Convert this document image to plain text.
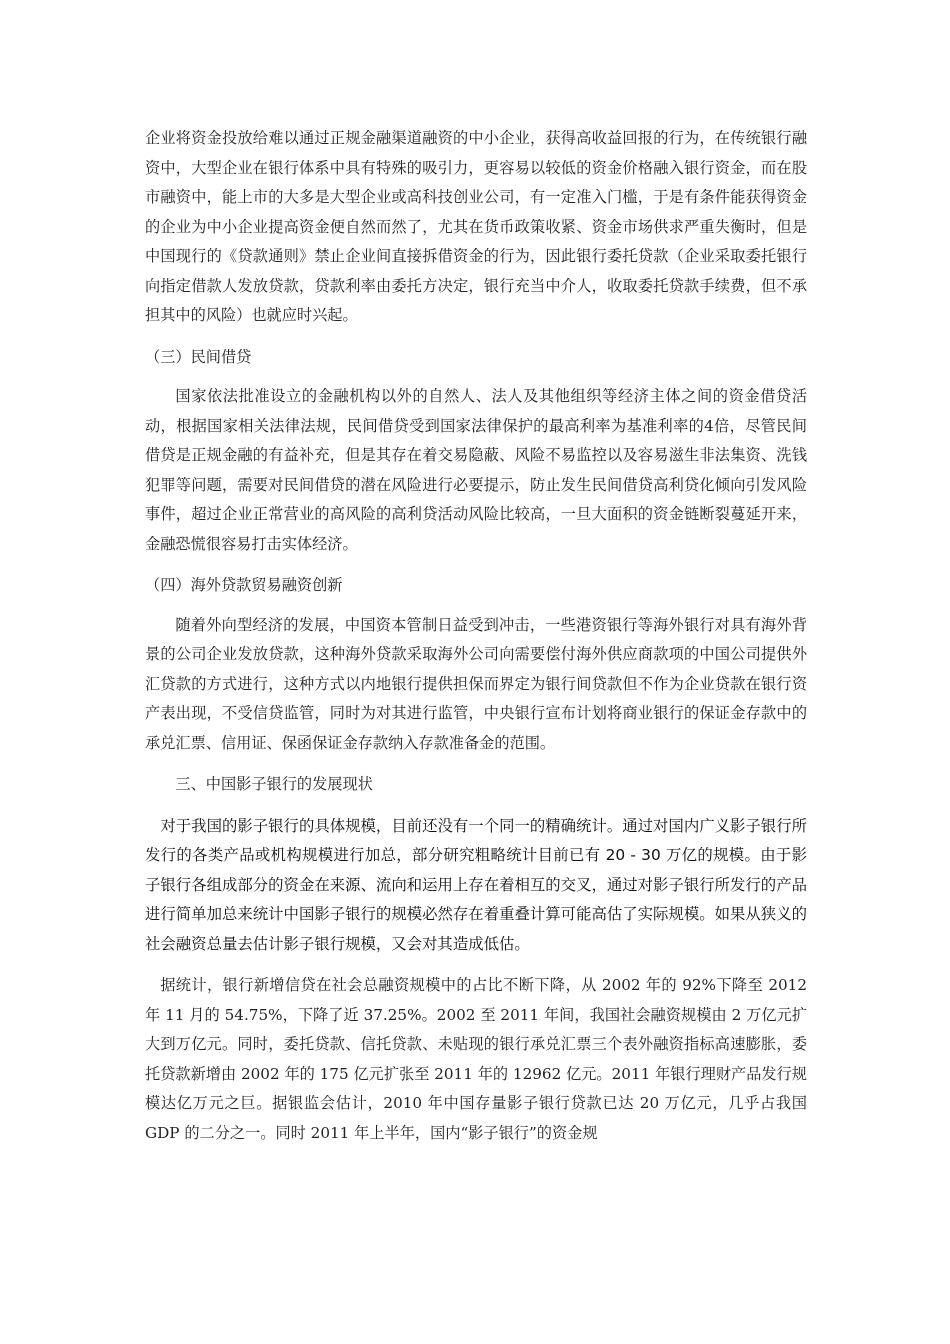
企业将资金投放给难以通过正规金融渠道融资的中小企业，获得高收益回报的行为，在传统银行融资中，大型企业在银行体系中具有特殊的吸引力，更容易以较低的资金价格融入银行资金，而在股市融资中，能上市的大多是大型企业或高科技创业公司，有一定准入门槛，于是有条件能获得资金的企业为中小企业提高资金便自然而然了，尤其在货币政策收紧、资金市场供求严重失衡时，但是中国现行的《贷款通则》禁止企业间直接拆借资金的行为，因此银行委托贷款（企业采取委托银行向指定借款人发放贷款，贷款利率由委托方决定，银行充当中介人，收取委托贷款手续费，但不承担其中的风险）也就应时兴起。

（三）民间借贷

国家依法批准设立的金融机构以外的自然人、法人及其他组织等经济主体之间的资金借贷活动，根据国家相关法律法规，民间借贷受到国家法律保护的最高利率为基准利率的4倍，尽管民间借贷是正规金融的有益补充，但是其存在着交易隐蔽、风险不易监控以及容易滋生非法集资、洗钱犯罪等问题，需要对民间借贷的潜在风险进行必要提示，防止发生民间借贷高利贷化倾向引发风险事件，超过企业正常营业的高风险的高利贷活动风险比较高，一旦大面积的资金链断裂蔓延开来，金融恐慌很容易打击实体经济。

（四）海外贷款贸易融资创新

随着外向型经济的发展，中国资本管制日益受到冲击，一些港资银行等海外银行对具有海外背景的公司企业发放贷款，这种海外贷款采取海外公司向需要偿付海外供应商款项的中国公司提供外汇贷款的方式进行，这种方式以内地银行提供担保而界定为银行间贷款但不作为企业贷款在银行资产表出现，不受信贷监管，同时为对其进行监管，中央银行宣布计划将商业银行的保证金存款中的承兑汇票、信用证、保函保证金存款纳入存款准备金的范围。

三、中国影子银行的发展现状

对于我国的影子银行的具体规模，目前还没有一个同一的精确统计。通过对国内广义影子银行所发行的各类产品或机构规模进行加总，部分研究粗略统计目前已有 20 - 30 万亿的规模。由于影子银行各组成部分的资金在来源、流向和运用上存在着相互的交叉，通过对影子银行所发行的产品进行简单加总来统计中国影子银行的规模必然存在着重叠计算可能高估了实际规模。如果从狭义的社会融资总量去估计影子银行规模，又会对其造成低估。

据统计，银行新增信贷在社会总融资规模中的占比不断下降，从 2002 年的 92%下降至 2012 年 11 月的 54.75%，下降了近 37.25%。2002 至 2011 年间，我国社会融资规模由 2 万亿元扩大到万亿元。同时，委托贷款、信托贷款、未贴现的银行承兑汇票三个表外融资指标高速膨胀，委托贷款新增由 2002 年的 175 亿元扩张至 2011 年的 12962 亿元。2011 年银行理财产品发行规模达亿万元之巨。据银监会估计，2010 年中国存量影子银行贷款已达 20 万亿元，几乎占我国 GDP 的二分之一。同时 2011 年上半年，国内“影子银行”的资金规
